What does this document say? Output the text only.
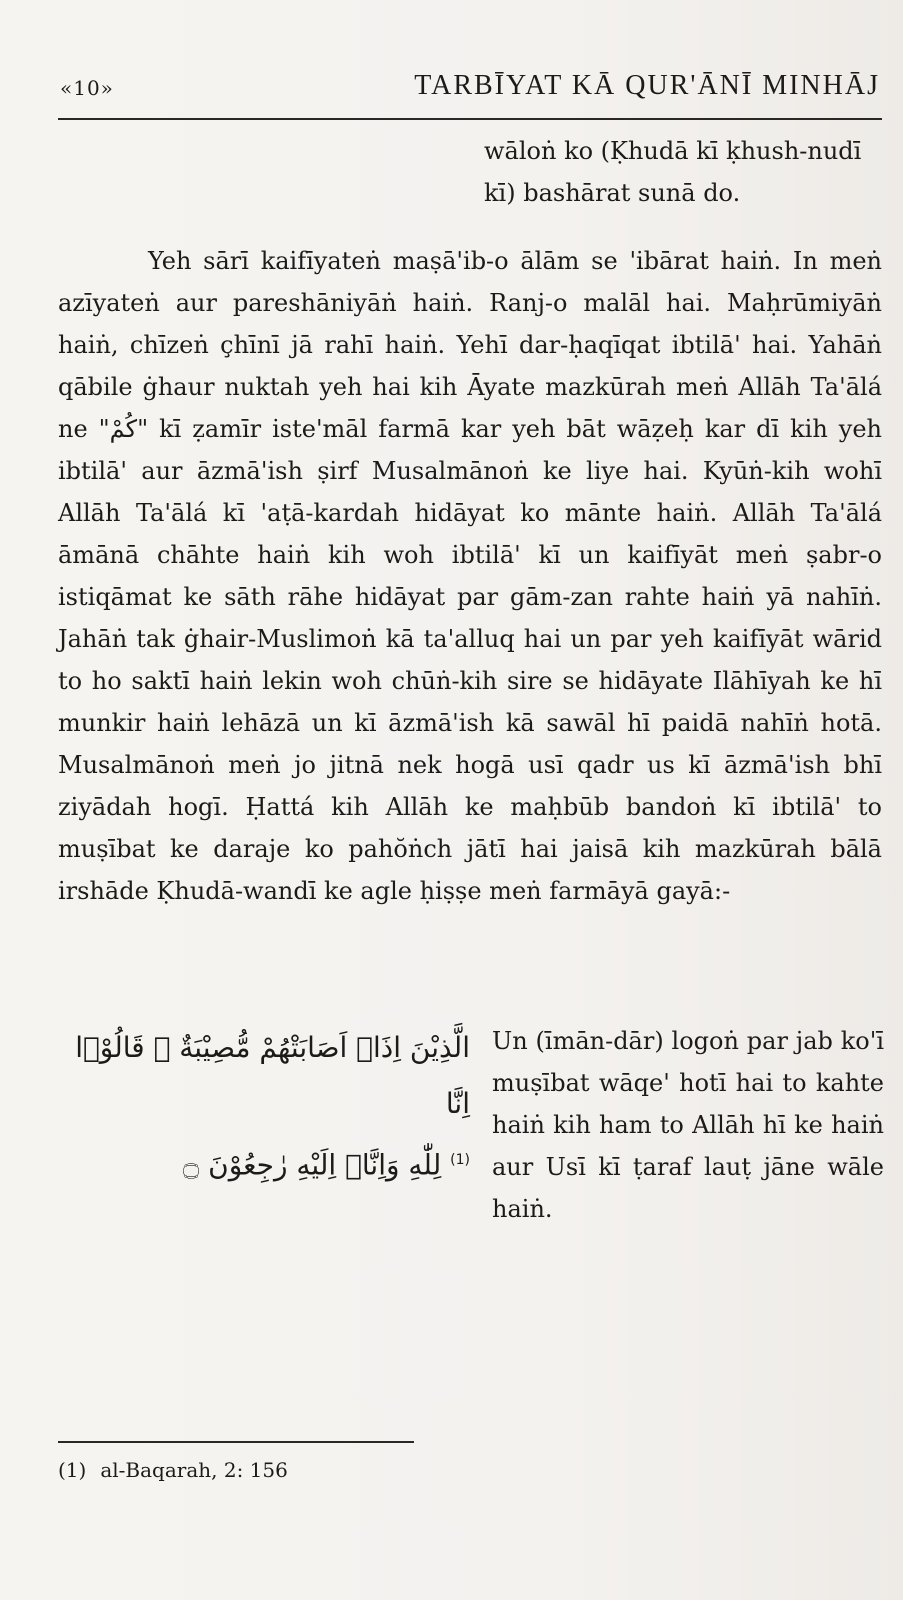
«10»	TARBĪYAT KĀ QUR'ĀNĪ MINHĀJ
wāloṅ ko (Ḳhudā kī ḳhush-nudī
kī) bashārat sunā do.
Yeh sārī kaifīyateṅ maṣā'ib-o ālām se 'ibārat haiṅ. In meṅ
azīyateṅ aur pareshāniyāṅ haiṅ. Ranj-o malāl hai. Maḥrūmiyāṅ
haiṅ, chīzeṅ çhīnī jā rahī haiṅ. Yehī dar-ḥaqīqat ibtilā' hai. Yahāṅ
qābile ġhaur nuktah yeh hai kih Āyate mazkūrah meṅ Allāh Ta'ālá
ne "كُمْ" kī ẓamīr iste'māl farmā kar yeh bāt wāẓeḥ kar dī kih yeh
ibtilā' aur āzmā'ish ṣirf Musalmānoṅ ke liye hai. Kyūṅ-kih wohī
Allāh Ta'ālá kī 'aṭā-kardah hidāyat ko mānte haiṅ. Allāh Ta'ālá
āmānā chāhte haiṅ kih woh ibtilā' kī un kaifīyāt meṅ ṣabr-o
istiqāmat ke sāth rāhe hidāyat par gām-zan rahte haiṅ yā nahīṅ.
Jahāṅ tak ġhair-Muslimoṅ kā ta'alluq hai un par yeh kaifīyāt wārid
to ho saktī haiṅ lekin woh chūṅ-kih sire se hidāyate Ilāhīyah ke hī
munkir haiṅ lehāzā un kī āzmā'ish kā sawāl hī paidā nahīṅ hotā.
Musalmānoṅ meṅ jo jitnā nek hogā usī qadr us kī āzmā'ish bhī
ziyādah hogī. Ḥattá kih Allāh ke maḥbūb bandoṅ kī ibtilā' to
muṣībat ke daraje ko pahŏṅch jātī hai jaisā kih mazkūrah bālā
irshāde Ḳhudā-wandī ke agle ḥiṣṣe meṅ farmāyā gayā:-
الَّذِيْنَ اِذَاۤ اَصَابَتْهُمْ مُّصِيْبَةٌ ۙ قَالُوْۤا اِنَّا
$^{(1)}$ لِلّٰهِ وَاِنَّاۤ اِلَيْهِ رٰجِعُوْنَ ۝
Un (īmān-dār) logoṅ par jab ko'ī
muṣībat wāqe' hotī hai to kahte
haiṅ kih ham to Allāh hī ke haiṅ
aur Usī kī ṭaraf lauṭ jāne wāle
haiṅ.
(1) al-Baqarah, 2: 156
